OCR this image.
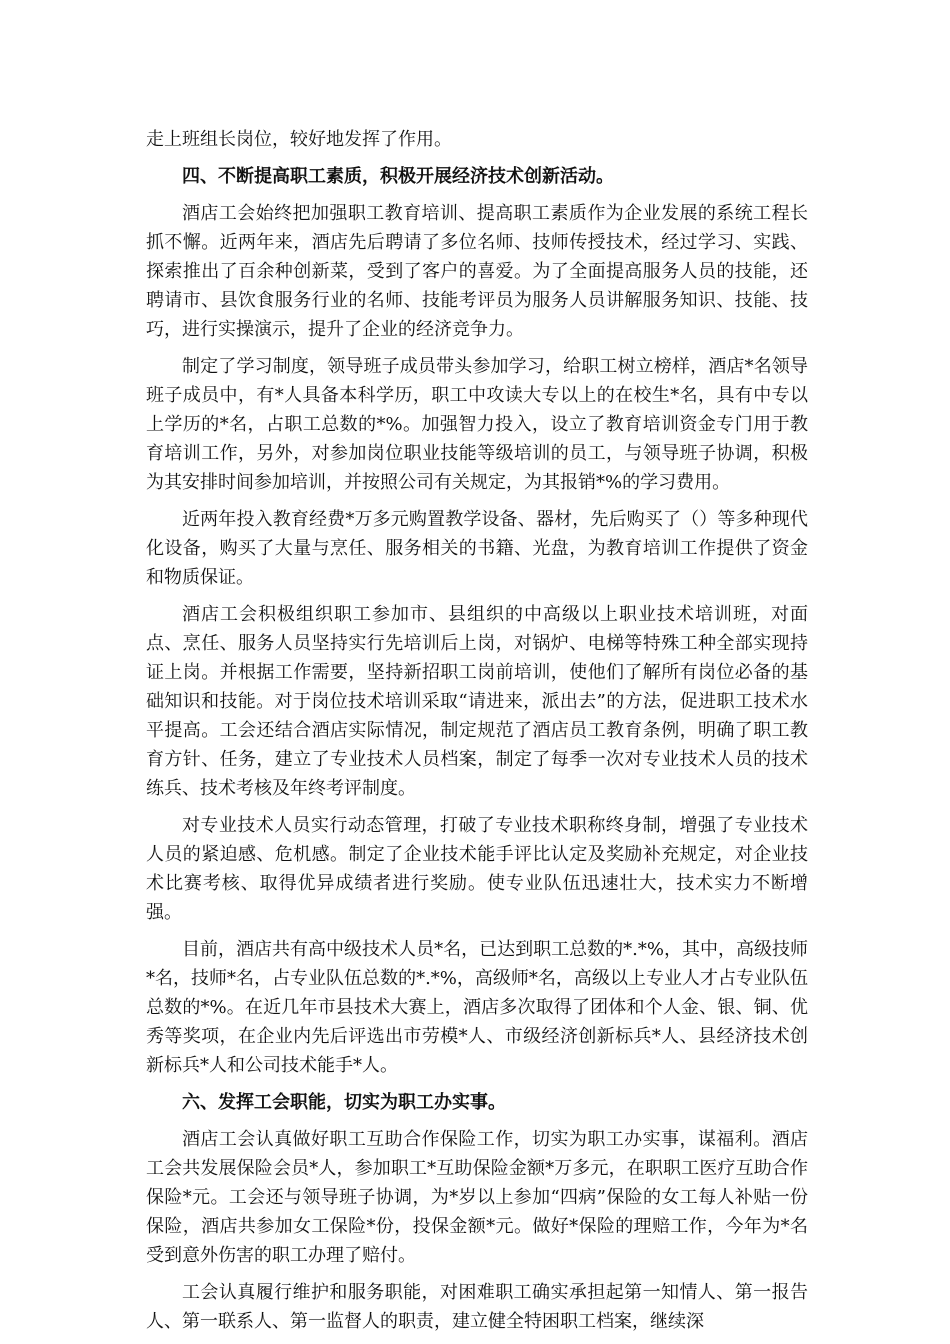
走上班组长岗位，较好地发挥了作用。

四、不断提高职工素质，积极开展经济技术创新活动。

酒店工会始终把加强职工教育培训、提高职工素质作为企业发展的系统工程长抓不懈。近两年来，酒店先后聘请了多位名师、技师传授技术，经过学习、实践、探索推出了百余种创新菜，受到了客户的喜爱。为了全面提高服务人员的技能，还聘请市、县饮食服务行业的名师、技能考评员为服务人员讲解服务知识、技能、技巧，进行实操演示，提升了企业的经济竞争力。

制定了学习制度，领导班子成员带头参加学习，给职工树立榜样，酒店*名领导班子成员中，有*人具备本科学历，职工中攻读大专以上的在校生*名，具有中专以上学历的*名，占职工总数的*%。加强智力投入，设立了教育培训资金专门用于教育培训工作，另外，对参加岗位职业技能等级培训的员工，与领导班子协调，积极为其安排时间参加培训，并按照公司有关规定，为其报销*%的学习费用。

近两年投入教育经费*万多元购置教学设备、器材，先后购买了（）等多种现代化设备，购买了大量与烹任、服务相关的书籍、光盘，为教育培训工作提供了资金和物质保证。

酒店工会积极组织职工参加市、县组织的中高级以上职业技术培训班，对面点、烹任、服务人员坚持实行先培训后上岗，对锅炉、电梯等特殊工种全部实现持证上岗。并根据工作需要，坚持新招职工岗前培训，使他们了解所有岗位必备的基础知识和技能。对于岗位技术培训采取“请进来，派出去”的方法，促进职工技术水平提高。工会还结合酒店实际情况，制定规范了酒店员工教育条例，明确了职工教育方针、任务，建立了专业技术人员档案，制定了每季一次对专业技术人员的技术练兵、技术考核及年终考评制度。

对专业技术人员实行动态管理，打破了专业技术职称终身制，增强了专业技术人员的紧迫感、危机感。制定了企业技术能手评比认定及奖励补充规定，对企业技术比赛考核、取得优异成绩者进行奖励。使专业队伍迅速壮大，技术实力不断增强。

目前，酒店共有高中级技术人员*名，已达到职工总数的*.*%，其中，高级技师*名，技师*名，占专业队伍总数的*.*%，高级师*名，高级以上专业人才占专业队伍总数的*%。在近几年市县技术大赛上，酒店多次取得了团体和个人金、银、铜、优秀等奖项，在企业内先后评选出市劳模*人、市级经济创新标兵*人、县经济技术创新标兵*人和公司技术能手*人。

六、发挥工会职能，切实为职工办实事。

酒店工会认真做好职工互助合作保险工作，切实为职工办实事，谋福利。酒店工会共发展保险会员*人，参加职工*互助保险金额*万多元，在职职工医疗互助合作保险*元。工会还与领导班子协调，为*岁以上参加“四病”保险的女工每人补贴一份保险，酒店共参加女工保险*份，投保金额*元。做好*保险的理赔工作，今年为*名受到意外伤害的职工办理了赔付。

工会认真履行维护和服务职能，对困难职工确实承担起第一知情人、第一报告人、第一联系人、第一监督人的职责，建立健全特困职工档案，继续深
